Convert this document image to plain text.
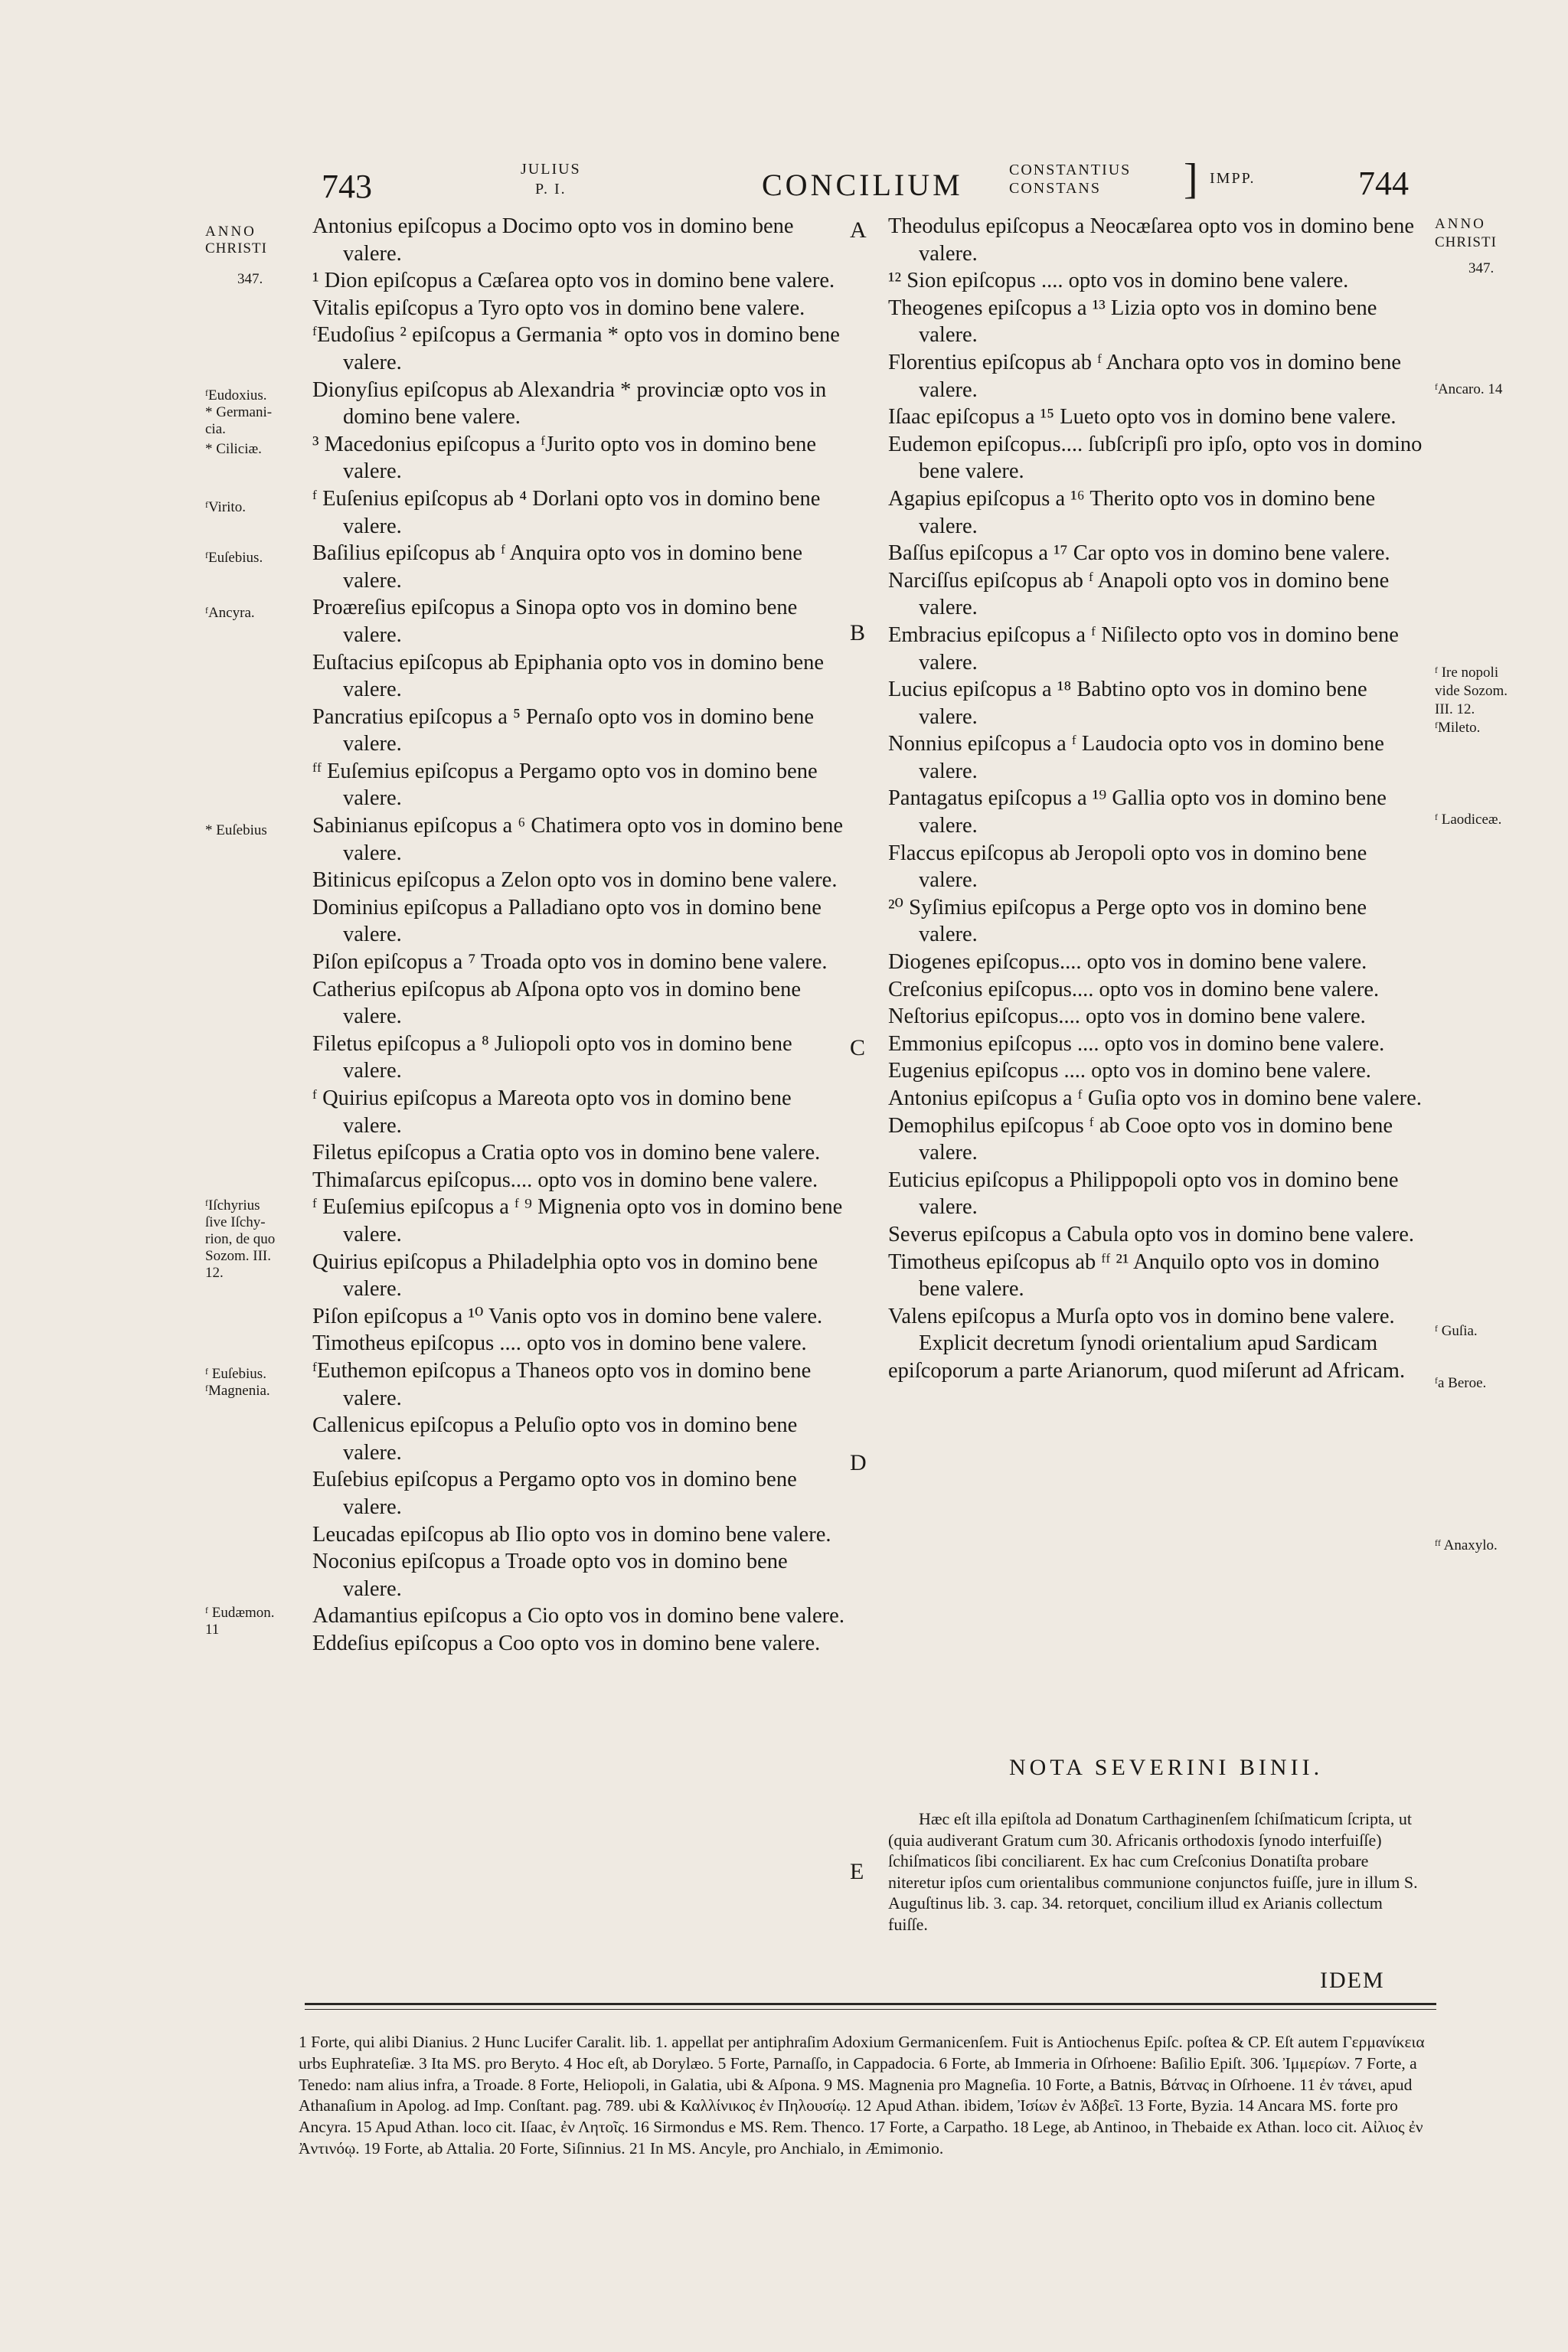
743	JULIUS
P. I.	CONCILIUM	CONSTANTIUS
CONSTANS	] IMPP.	744
ANNO
CHRISTI
347.
ᶠEudoxius.
* Germani-
cia.
* Ciliciæ.
ᶠVirito.
ᶠEuſebius.
ᶠAncyra.
* Euſebius
ᶠIſchyrius
ſive Iſchy-
rion, de quo
Sozom. III.
12.
ᶠ Euſebius.
ᶠMagnenia.
ᶠ Eudæmon.
11
ANNO
CHRISTI
347.
ᶠAncaro. 14
ᶠ Ire nopoli
vide Sozom.
III. 12.
ᶠMileto.
ᶠ Laodiceæ.
ᶠ Guſia.
ᶠa Beroe.
ᶠᶠ Anaxylo.
A
B
C
D
E

Antonius epiſcopus a Docimo opto vos in domino bene valere.

¹ Dion epiſcopus a Cæſarea opto vos in domino bene valere.

Vitalis epiſcopus a Tyro opto vos in domino bene valere.

ᶠEudoſius ² epiſcopus a Germania * opto vos in domino bene valere.

Dionyſius epiſcopus ab Alexandria * provinciæ opto vos in domino bene valere.

³ Macedonius epiſcopus a ᶠJurito opto vos in domino bene valere.

ᶠ Euſenius epiſcopus ab ⁴ Dorlani opto vos in domino bene valere.

Baſilius epiſcopus ab ᶠ Anquira opto vos in domino bene valere.

Proæreſius epiſcopus a Sinopa opto vos in domino bene valere.

Euſtacius epiſcopus ab Epiphania opto vos in domino bene valere.

Pancratius epiſcopus a ⁵ Pernaſo opto vos in domino bene valere.

ᶠᶠ Euſemius epiſcopus a Pergamo opto vos in domino bene valere.

Sabinianus epiſcopus a ⁶ Chatimera opto vos in domino bene valere.

Bitinicus epiſcopus a Zelon opto vos in domino bene valere.

Dominius epiſcopus a Palladiano opto vos in domino bene valere.

Piſon epiſcopus a ⁷ Troada opto vos in domino bene valere.

Catherius epiſcopus ab Aſpona opto vos in domino bene valere.

Filetus epiſcopus a ⁸ Juliopoli opto vos in domino bene valere.

ᶠ Quirius epiſcopus a Mareota opto vos in domino bene valere.

Filetus epiſcopus a Cratia opto vos in domino bene valere.

Thimaſarcus epiſcopus.... opto vos in domino bene valere.

ᶠ Euſemius epiſcopus a ᶠ ⁹ Mignenia opto vos in domino bene valere.

Quirius epiſcopus a Philadelphia opto vos in domino bene valere.

Piſon epiſcopus a ¹⁰ Vanis opto vos in domino bene valere.

Timotheus epiſcopus .... opto vos in domino bene valere.

ᶠEuthemon epiſcopus a Thaneos opto vos in domino bene valere.

Callenicus epiſcopus a Peluſio opto vos in domino bene valere.

Euſebius epiſcopus a Pergamo opto vos in domino bene valere.

Leucadas epiſcopus ab Ilio opto vos in domino bene valere.

Noconius epiſcopus a Troade opto vos in domino bene valere.

Adamantius epiſcopus a Cio opto vos in domino bene valere.

Eddeſius epiſcopus a Coo opto vos in domino bene valere.

Theodulus epiſcopus a Neocæſarea opto vos in domino bene valere.

¹² Sion epiſcopus .... opto vos in domino bene valere.

Theogenes epiſcopus a ¹³ Lizia opto vos in domino bene valere.

Florentius epiſcopus ab ᶠ Anchara opto vos in domino bene valere.

Iſaac epiſcopus a ¹⁵ Lueto opto vos in domino bene valere.

Eudemon epiſcopus.... ſubſcripſi pro ipſo, opto vos in domino bene valere.

Agapius epiſcopus a ¹⁶ Therito opto vos in domino bene valere.

Baſſus epiſcopus a ¹⁷ Car opto vos in domino bene valere.

Narciſſus epiſcopus ab ᶠ Anapoli opto vos in domino bene valere.

Embracius epiſcopus a ᶠ Niſilecto opto vos in domino bene valere.

Lucius epiſcopus a ¹⁸ Babtino opto vos in domino bene valere.

Nonnius epiſcopus a ᶠ Laudocia opto vos in domino bene valere.

Pantagatus epiſcopus a ¹⁹ Gallia opto vos in domino bene valere.

Flaccus epiſcopus ab Jeropoli opto vos in domino bene valere.

²⁰ Syſimius epiſcopus a Perge opto vos in domino bene valere.

Diogenes epiſcopus.... opto vos in domino bene valere.

Creſconius epiſcopus.... opto vos in domino bene valere.

Neſtorius epiſcopus.... opto vos in domino bene valere.

Emmonius epiſcopus .... opto vos in domino bene valere.

Eugenius epiſcopus .... opto vos in domino bene valere.

Antonius epiſcopus a ᶠ Guſia opto vos in domino bene valere.

Demophilus epiſcopus ᶠ ab Cooe opto vos in domino bene valere.

Euticius epiſcopus a Philippopoli opto vos in domino bene valere.

Severus epiſcopus a Cabula opto vos in domino bene valere.

Timotheus epiſcopus ab ᶠᶠ ²¹ Anquilo opto vos in domino bene valere.

Valens epiſcopus a Murſa opto vos in domino bene valere.

Explicit decretum ſynodi orientalium apud Sardicam epiſcoporum a parte Arianorum, quod miſerunt ad Africam.

NOTA SEVERINI BINII.

Hæc eſt illa epiſtola ad Donatum Carthaginenſem ſchiſmaticum ſcripta, ut (quia audiverant Gratum cum 30. Africanis orthodoxis ſynodo interfuiſſe) ſchiſmaticos ſibi conciliarent. Ex hac cum Creſconius Donatiſta probare niteretur ipſos cum orientalibus communione conjunctos fuiſſe, jure in illum S. Auguſtinus lib. 3. cap. 34. retorquet, concilium illud ex Arianis collectum fuiſſe.

IDEM

1 Forte, qui alibi Dianius. 2 Hunc Lucifer Caralit. lib. 1. appellat per antiphraſim Adoxium Germanicenſem. Fuit is Antiochenus Epiſc. poſtea & CP. Eſt autem Γερμανίκεια urbs Euphrateſiæ. 3 Ita MS. pro Beryto. 4 Hoc eſt, ab Dorylæo. 5 Forte, Parnaſſo, in Cappadocia. 6 Forte, ab Immeria in Oſrhoene: Baſilio Epiſt. 306. Ἰμμερίων. 7 Forte, a Tenedo: nam alius infra, a Troade. 8 Forte, Heliopoli, in Galatia, ubi & Aſpona. 9 MS. Magnenia pro Magneſia. 10 Forte, a Batnis, Βάτνας in Oſrhoene. 11 ἐν τάνει, apud Athanaſium in Apolog. ad Imp. Conſtant. pag. 789. ubi & Καλλίνικος ἐν Πηλουσίῳ. 12 Apud Athan. ibidem, Ἰσίων ἐν Ἀδβεῖ. 13 Forte, Byzia. 14 Ancara MS. forte pro Ancyra. 15 Apud Athan. loco cit. Iſaac, ἐν Λητοῖς. 16 Sirmondus e MS. Rem. Thenco. 17 Forte, a Carpatho. 18 Lege, ab Antinoo, in Thebaide ex Athan. loco cit. Αἰλιος ἐν Ἀντινόῳ. 19 Forte, ab Attalia. 20 Forte, Siſinnius. 21 In MS. Ancyle, pro Anchialo, in Æmimonio.
